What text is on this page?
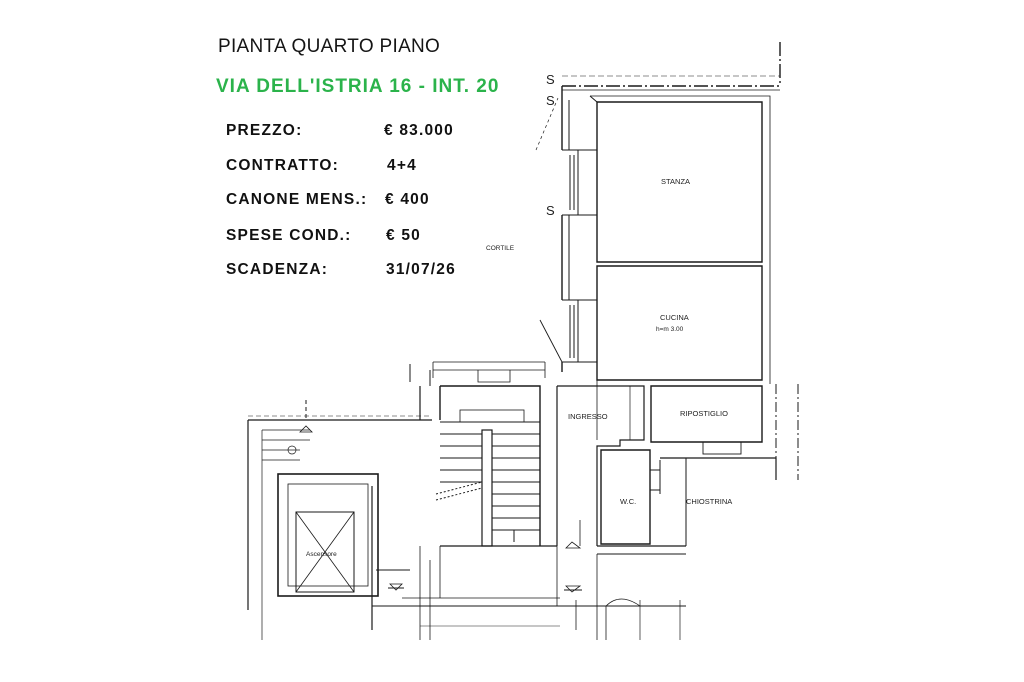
S
S
S
STANZA
CUCINA
h=m 3.00
INGRESSO	RIPOSTIGLIO
W.C.	CHIOSTRINA
Ascensore
CORTILE
PIANTA QUARTO PIANO
VIA DELL'ISTRIA 16 - INT. 20
PREZZO:	€ 83.000
CONTRATTO:	4+4
CANONE MENS.: € 400
SPESE COND.: € 50
SCADENZA:	31/07/26
